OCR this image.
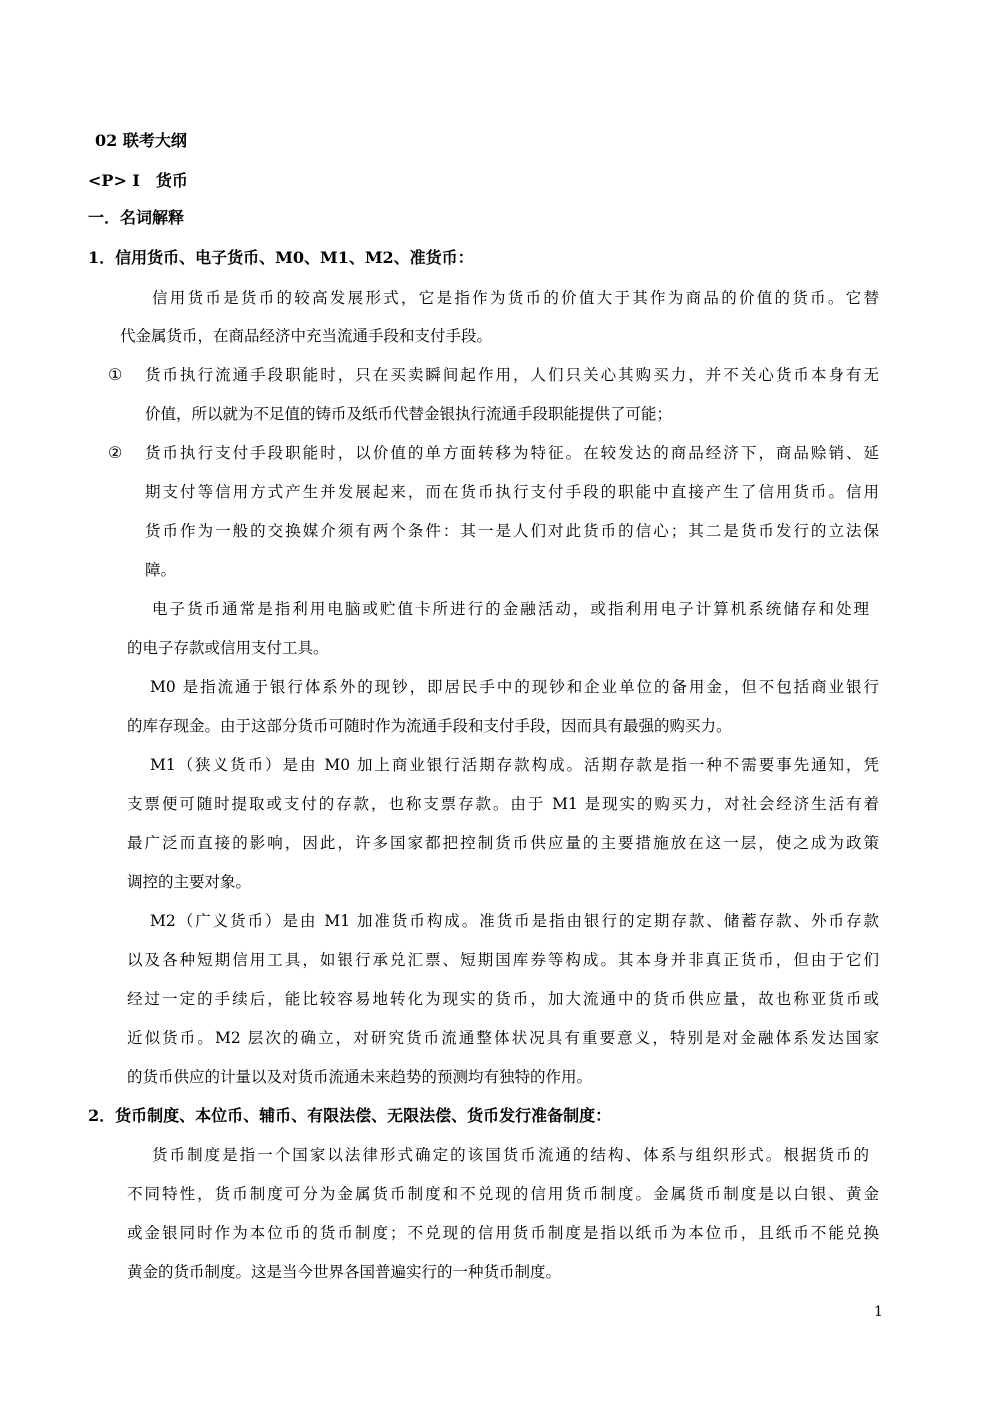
02 联考大纲
<P> Ⅰ　货币
一．名词解释
1．信用货币、电子货币、M0、M1、M2、准货币：
信用货币是货币的较高发展形式，它是指作为货币的价值大于其作为商品的价值的货币。它替
代金属货币，在商品经济中充当流通手段和支付手段。
① 货币执行流通手段职能时，只在买卖瞬间起作用，人们只关心其购买力，并不关心货币本身有无
价值，所以就为不足值的铸币及纸币代替金银执行流通手段职能提供了可能；
② 货币执行支付手段职能时，以价值的单方面转移为特征。在较发达的商品经济下，商品赊销、延
期支付等信用方式产生并发展起来，而在货币执行支付手段的职能中直接产生了信用货币。信用
货币作为一般的交换媒介须有两个条件：其一是人们对此货币的信心；其二是货币发行的立法保
障。
电子货币通常是指利用电脑或贮值卡所进行的金融活动，或指利用电子计算机系统储存和处理
的电子存款或信用支付工具。
M0 是指流通于银行体系外的现钞，即居民手中的现钞和企业单位的备用金，但不包括商业银行
的库存现金。由于这部分货币可随时作为流通手段和支付手段，因而具有最强的购买力。
M1（狭义货币）是由 M0 加上商业银行活期存款构成。活期存款是指一种不需要事先通知，凭
支票便可随时提取或支付的存款，也称支票存款。由于 M1 是现实的购买力，对社会经济生活有着
最广泛而直接的影响，因此，许多国家都把控制货币供应量的主要措施放在这一层，使之成为政策
调控的主要对象。
M2（广义货币）是由 M1 加准货币构成。准货币是指由银行的定期存款、储蓄存款、外币存款
以及各种短期信用工具，如银行承兑汇票、短期国库券等构成。其本身并非真正货币，但由于它们
经过一定的手续后，能比较容易地转化为现实的货币，加大流通中的货币供应量，故也称亚货币或
近似货币。M2 层次的确立，对研究货币流通整体状况具有重要意义，特别是对金融体系发达国家
的货币供应的计量以及对货币流通未来趋势的预测均有独特的作用。
2．货币制度、本位币、辅币、有限法偿、无限法偿、货币发行准备制度：
货币制度是指一个国家以法律形式确定的该国货币流通的结构、体系与组织形式。根据货币的
不同特性，货币制度可分为金属货币制度和不兑现的信用货币制度。金属货币制度是以白银、黄金
或金银同时作为本位币的货币制度；不兑现的信用货币制度是指以纸币为本位币，且纸币不能兑换
黄金的货币制度。这是当今世界各国普遍实行的一种货币制度。
1
